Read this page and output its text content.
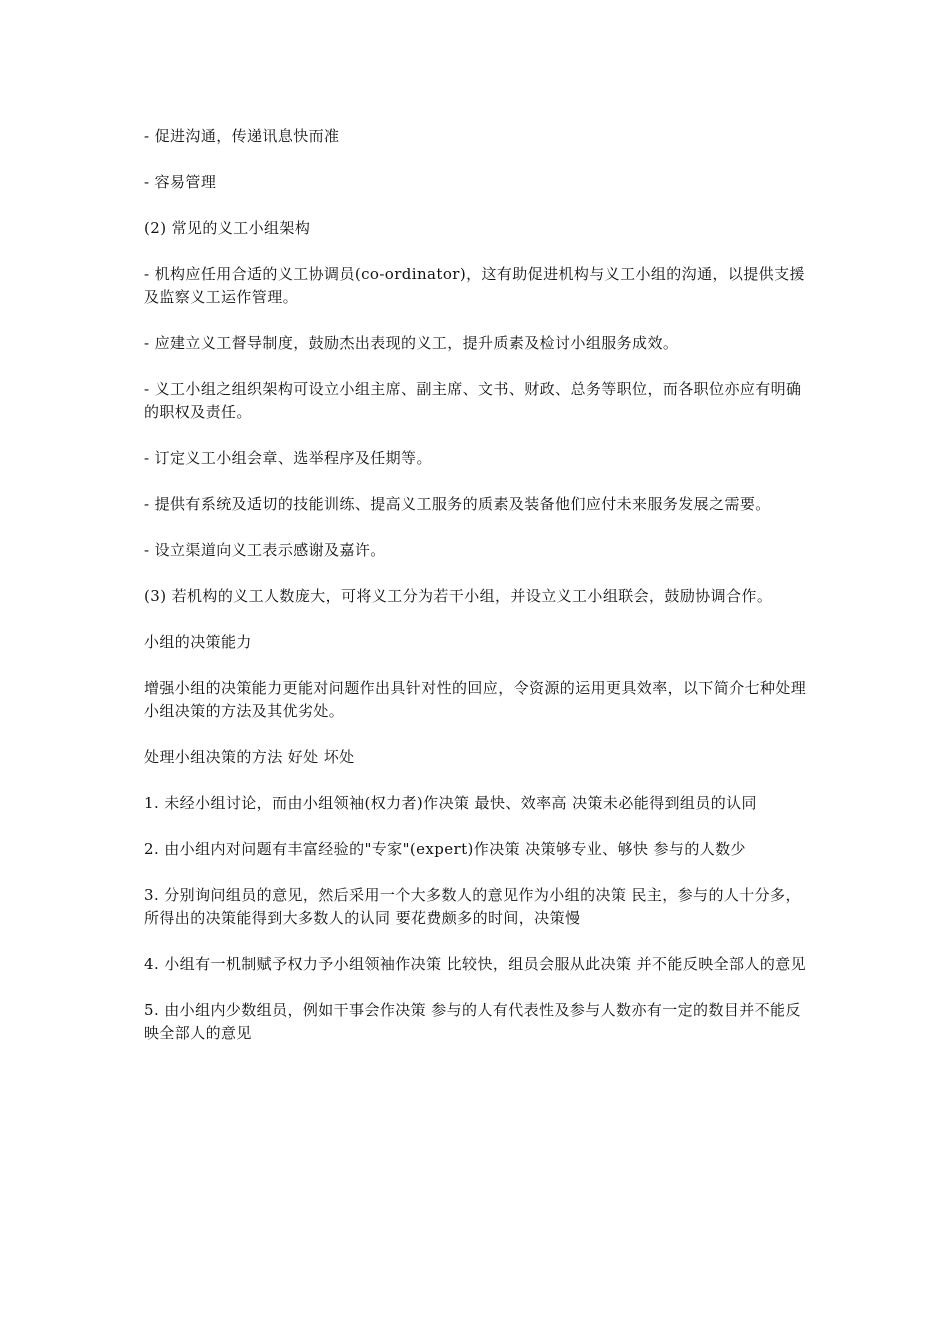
- 促进沟通，传递讯息快而准

- 容易管理

(2) 常见的义工小组架构

- 机构应任用合适的义工协调员(co-ordinator)，这有助促进机构与义工小组的沟通，以提供支援及监察义工运作管理。

- 应建立义工督导制度，鼓励杰出表现的义工，提升质素及检讨小组服务成效。

- 义工小组之组织架构可设立小组主席、副主席、文书、财政、总务等职位，而各职位亦应有明确的职权及责任。

- 订定义工小组会章、选举程序及任期等。

- 提供有系统及适切的技能训练、提高义工服务的质素及装备他们应付未来服务发展之需要。

- 设立渠道向义工表示感谢及嘉许。

(3) 若机构的义工人数庞大，可将义工分为若干小组，并设立义工小组联会，鼓励协调合作。

小组的决策能力

增强小组的决策能力更能对问题作出具针对性的回应，令资源的运用更具效率，以下简介七种处理小组决策的方法及其优劣处。

处理小组决策的方法 好处 坏处

1. 未经小组讨论，而由小组领袖(权力者)作决策 最快、效率高 决策未必能得到组员的认同

2. 由小组内对问题有丰富经验的"专家"(expert)作决策 决策够专业、够快 参与的人数少

3. 分别询问组员的意见，然后采用一个大多数人的意见作为小组的决策 民主，参与的人十分多，所得出的决策能得到大多数人的认同 要花费颇多的时间，决策慢

4. 小组有一机制赋予权力予小组领袖作决策 比较快，组员会服从此决策 并不能反映全部人的意见

5. 由小组内少数组员，例如干事会作决策 参与的人有代表性及参与人数亦有一定的数目并不能反映全部人的意见
